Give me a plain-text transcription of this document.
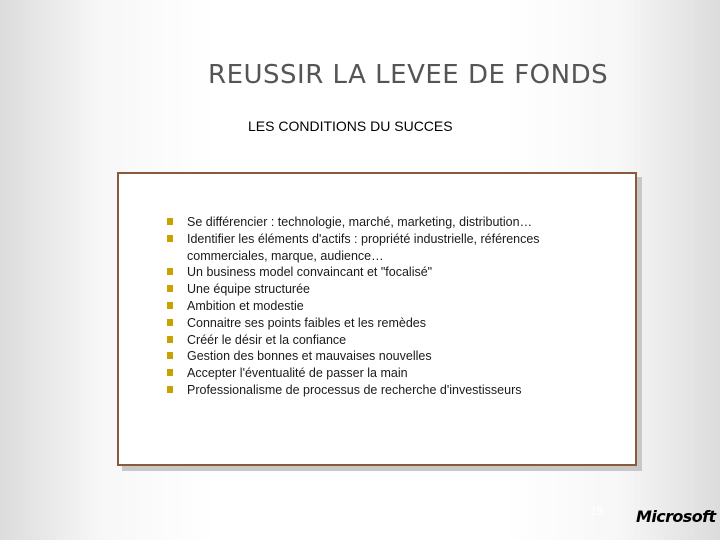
REUSSIR LA LEVEE DE FONDS
LES CONDITIONS DU SUCCES
Se différencier : technologie, marché, marketing, distribution…
Identifier les éléments d'actifs : propriété industrielle, références commerciales, marque, audience…
Un business model convaincant et "focalisé"
Une équipe structurée
Ambition et modestie
Connaitre ses points faibles et les remèdes
Créér le désir et la confiance
Gestion des bonnes et mauvaises nouvelles
Accepter l'éventualité de passer la main
Professionalisme de processus de recherche d'investisseurs
19 Microsoft
